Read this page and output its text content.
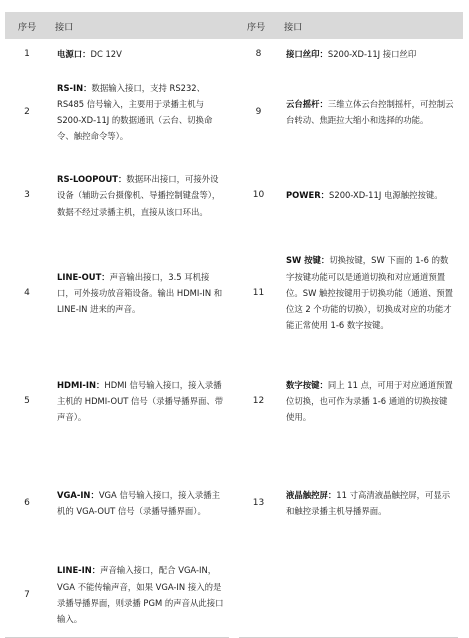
序号	接口	序号	接口
1	电源口：DC 12V	8	接口丝印：S200-XD-11J 接口丝印
2	RS-IN：数据输入接口，支持 RS232、RS485 信号输入，主要用于录播主机与 S200-XD-11J 的数据通讯（云台、切换命令、触控命令等）。	9	云台摇杆：三维立体云台控制摇杆，可控制云台转动、焦距拉大缩小和选择的功能。
3	RS-LOOPOUT：数据环出接口，可接外设设备（辅助云台摄像机、导播控制键盘等），数据不经过录播主机，直接从该口环出。	10	POWER：S200-XD-11J 电源触控按键。
4	LINE-OUT：声音输出接口，3.5 耳机接口，可外接功放音箱设备。输出 HDMI-IN 和 LINE-IN 进来的声音。	11	SW 按键：切换按键，SW 下面的 1-6 的数字按键功能可以是通道切换和对应通道预置位。SW 触控按键用于切换功能（通道、预置位这 2 个功能的切换），切换成对应的功能才能正常使用 1-6 数字按键。
5	HDMI-IN：HDMI 信号输入接口，接入录播主机的 HDMI-OUT 信号（录播导播界面、带声音）。	12	数字按键：同上 11 点，可用于对应通道预置位切换，也可作为录播 1-6 通道的切换按键使用。
6	VGA-IN：VGA 信号输入接口，接入录播主机的 VGA-OUT 信号（录播导播界面）。	13	液晶触控屏：11 寸高清液晶触控屏，可显示和触控录播主机导播界面。
7	LINE-IN：声音输入接口，配合 VGA-IN，VGA 不能传输声音，如果 VGA-IN 接入的是录播导播界面，则录播 PGM 的声音从此接口输入。		
